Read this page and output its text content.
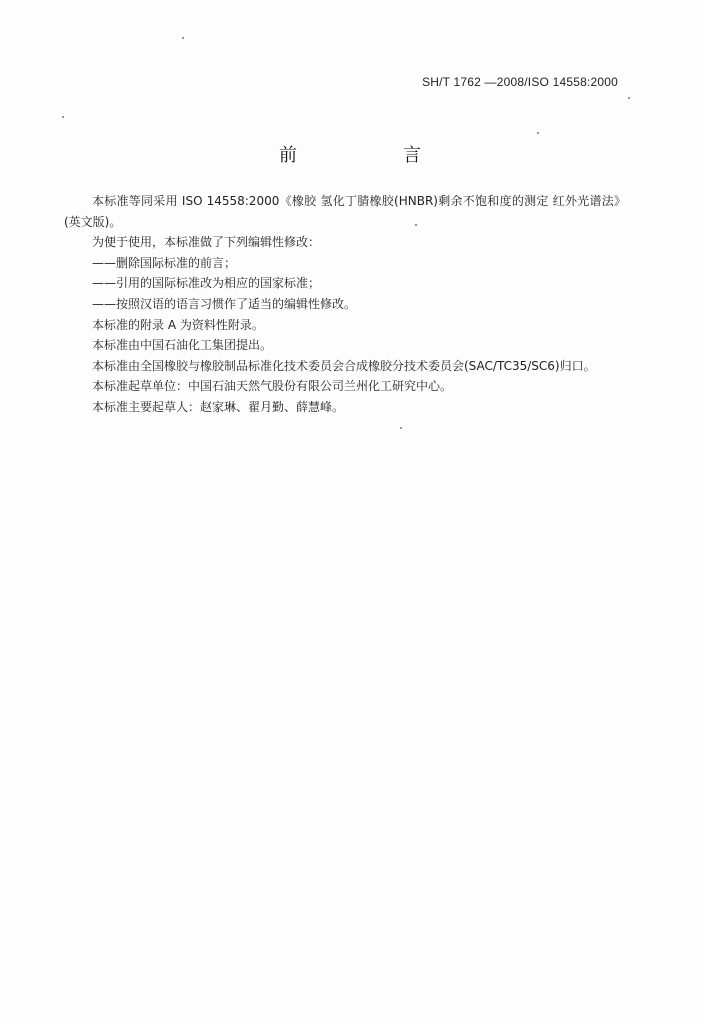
SH/T 1762 —2008/ISO 14558:2000
前　言

本标准等同采用 ISO 14558:2000《橡胶 氢化丁腈橡胶(HNBR)剩余不饱和度的测定 红外光谱法》(英文版)。

为便于使用，本标准做了下列编辑性修改：

——删除国际标准的前言；

——引用的国际标准改为相应的国家标准；

——按照汉语的语言习惯作了适当的编辑性修改。

本标准的附录 A 为资料性附录。

本标准由中国石油化工集团提出。

本标准由全国橡胶与橡胶制品标准化技术委员会合成橡胶分技术委员会(SAC/TC35/SC6)归口。

本标准起草单位：中国石油天然气股份有限公司兰州化工研究中心。

本标准主要起草人：赵家琳、翟月勤、薛慧峰。
